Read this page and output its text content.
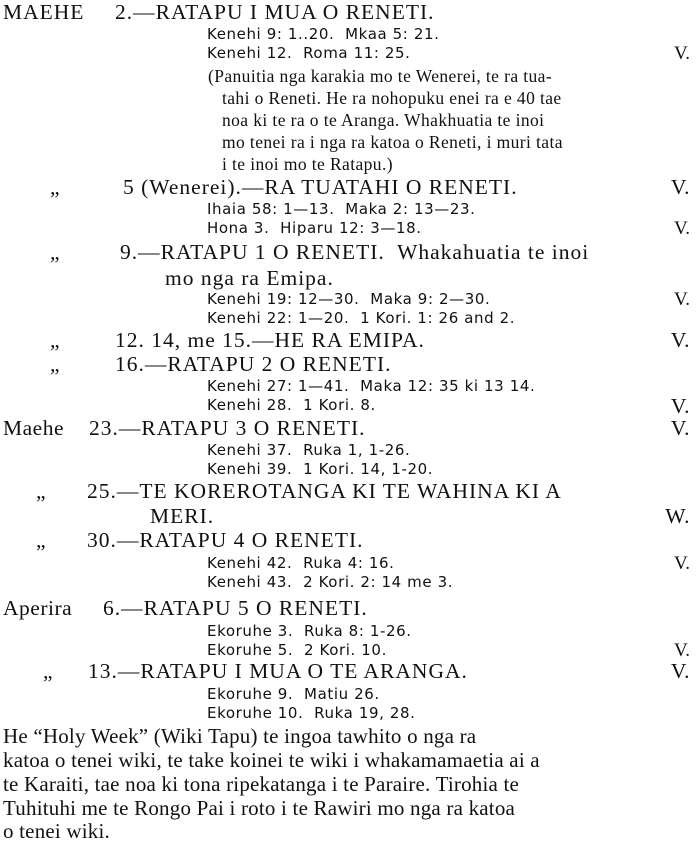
MAEHE 2.—RATAPU I MUA O RENETI.
Kenehi 9: 1..20.  Mkaa 5: 21.
Kenehi 12.  Roma 11: 25.	V.
(Panuitia nga karakia mo te Wenerei, te ra tua-
tahi o Reneti. He ra nohopuku enei ra e 40 tae
noa ki te ra o te Aranga. Whakhuatia te inoi
mo tenei ra i nga ra katoa o Reneti, i muri tata
i te inoi mo te Ratapu.)
„	5 (Wenerei).—RA TUATAHI O RENETI.	V.
Ihaia 58: 1—13.  Maka 2: 13—23.
Hona 3.  Hiparu 12: 3—18.	V.
„	9.—RATAPU 1 O RENETI.  Whakahuatia te inoi
mo nga ra Emipa.
Kenehi 19: 12—30.  Maka 9: 2—30.	V.
Kenehi 22: 1—20.  1 Kori. 1: 26 and 2.
„	12. 14, me 15.—HE RA EMIPA.	V.
„	16.—RATAPU 2 O RENETI.
Kenehi 27: 1—41.  Maka 12: 35 ki 13 14.
Kenehi 28.  1 Kori. 8.	V.
Maehe 23.—RATAPU 3 O RENETI.	V.
Kenehi 37.  Ruka 1, 1-26.
Kenehi 39.  1 Kori. 14, 1-20.
„ 25.—TE KOREROTANGA KI TE WAHINA KI A
MERI.	W.
„ 30.—RATAPU 4 O RENETI.
Kenehi 42.  Ruka 4: 16.	V.
Kenehi 43.  2 Kori. 2: 14 me 3.
Aperira 6.—RATAPU 5 O RENETI.
Ekoruhe 3.  Ruka 8: 1-26.
Ekoruhe 5.  2 Kori. 10.	V.
„ 13.—RATAPU I MUA O TE ARANGA.	V.
Ekoruhe 9.  Matiu 26.
Ekoruhe 10.  Ruka 19, 28.
He “Holy Week” (Wiki Tapu) te ingoa tawhito o nga ra
katoa o tenei wiki, te take koinei te wiki i whakamamaetia ai a
te Karaiti, tae noa ki tona ripekatanga i te Paraire. Tirohia te
Tuhituhi me te Rongo Pai i roto i te Rawiri mo nga ra katoa
o tenei wiki.
